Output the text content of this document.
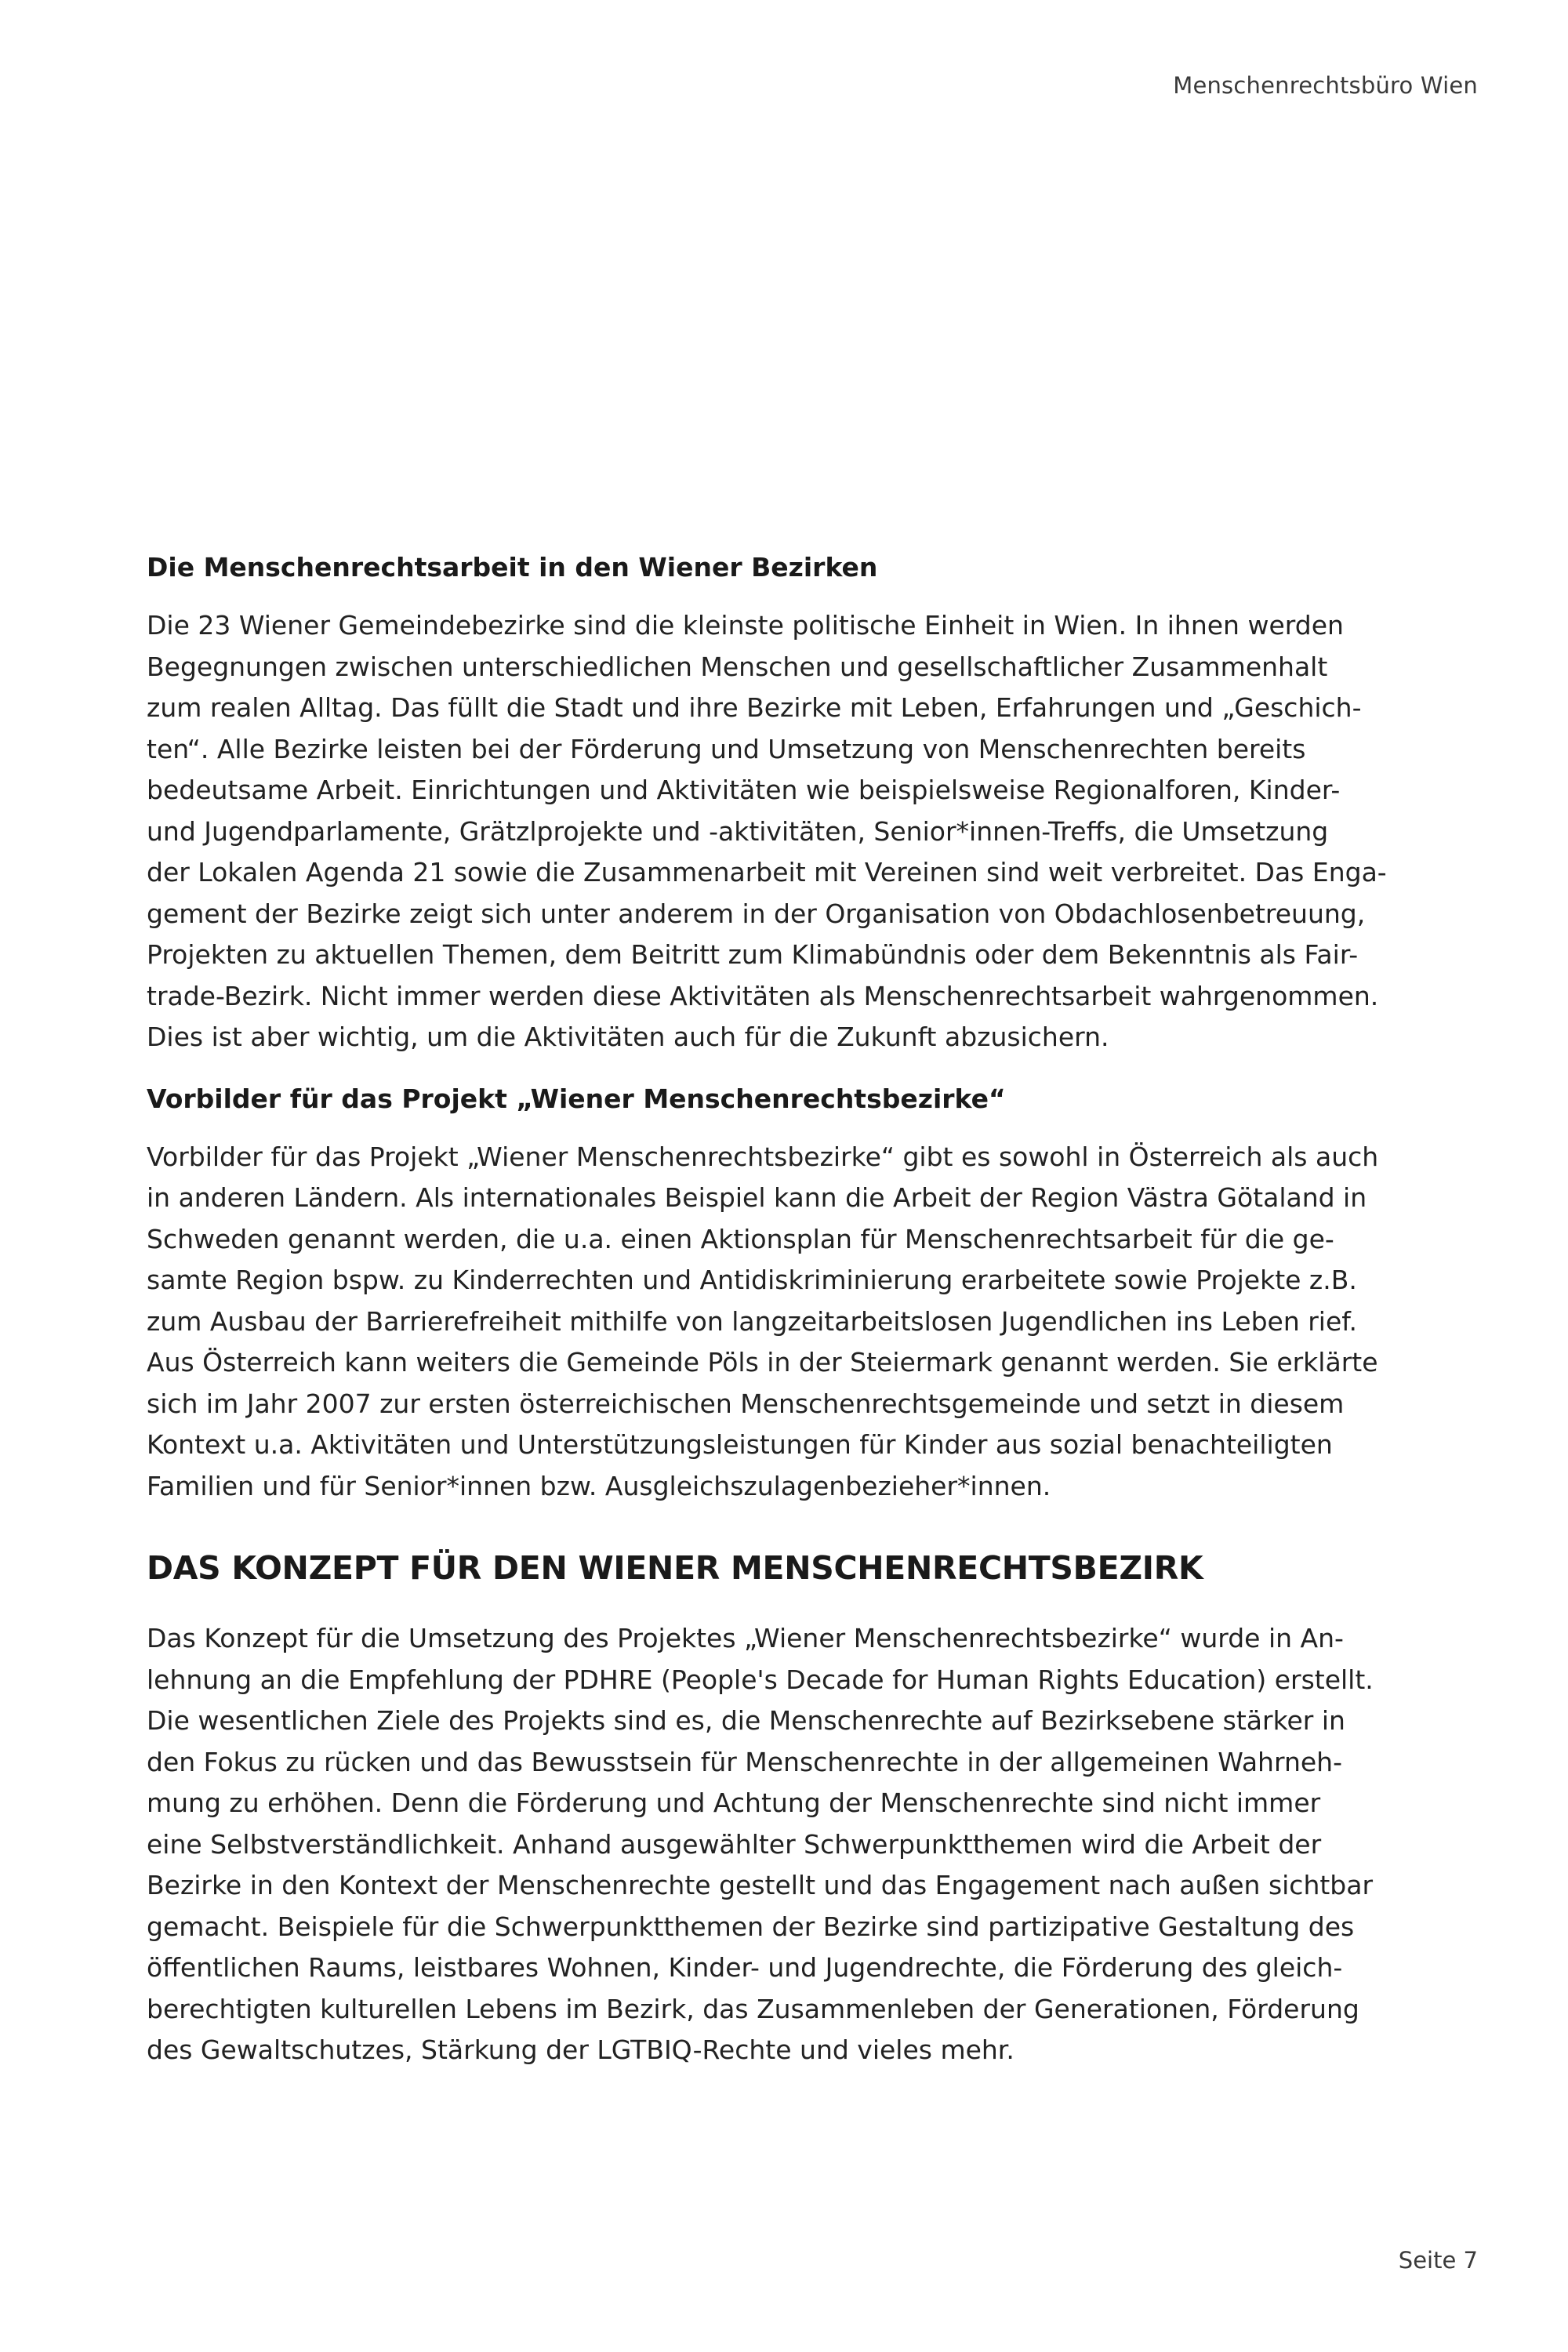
Menschenrechtsbüro Wien
Die Menschenrechtsarbeit in den Wiener Bezirken

Die 23 Wiener Gemeindebezirke sind die kleinste politische Einheit in Wien. In ihnen werden
Begegnungen zwischen unterschiedlichen Menschen und gesellschaftlicher Zusammenhalt
zum realen Alltag. Das füllt die Stadt und ihre Bezirke mit Leben, Erfahrungen und „Geschich-
ten“. Alle Bezirke leisten bei der Förderung und Umsetzung von Menschenrechten bereits
bedeutsame Arbeit. Einrichtungen und Aktivitäten wie beispielsweise Regionalforen, Kinder-
und Jugendparlamente, Grätzlprojekte und -aktivitäten, Senior*innen-Treffs, die Umsetzung
der Lokalen Agenda 21 sowie die Zusammenarbeit mit Vereinen sind weit verbreitet. Das Enga-
gement der Bezirke zeigt sich unter anderem in der Organisation von Obdachlosenbetreuung,
Projekten zu aktuellen Themen, dem Beitritt zum Klimabündnis oder dem Bekenntnis als Fair-
trade-Bezirk. Nicht immer werden diese Aktivitäten als Menschenrechtsarbeit wahrgenommen.
Dies ist aber wichtig, um die Aktivitäten auch für die Zukunft abzusichern.

Vorbilder für das Projekt „Wiener Menschenrechtsbezirke“

Vorbilder für das Projekt „Wiener Menschenrechtsbezirke“ gibt es sowohl in Österreich als auch
in anderen Ländern. Als internationales Beispiel kann die Arbeit der Region Västra Götaland in
Schweden genannt werden, die u.a. einen Aktionsplan für Menschenrechtsarbeit für die ge-
samte Region bspw. zu Kinderrechten und Antidiskriminierung erarbeitete sowie Projekte z.B.
zum Ausbau der Barrierefreiheit mithilfe von langzeitarbeitslosen Jugendlichen ins Leben rief.
Aus Österreich kann weiters die Gemeinde Pöls in der Steiermark genannt werden. Sie erklärte
sich im Jahr 2007 zur ersten österreichischen Menschenrechtsgemeinde und setzt in diesem
Kontext u.a. Aktivitäten und Unterstützungsleistungen für Kinder aus sozial benachteiligten
Familien und für Senior*innen bzw. Ausgleichszulagenbezieher*innen.

DAS KONZEPT FÜR DEN WIENER MENSCHENRECHTSBEZIRK

Das Konzept für die Umsetzung des Projektes „Wiener Menschenrechtsbezirke“ wurde in An-
lehnung an die Empfehlung der PDHRE (People's Decade for Human Rights Education) erstellt.
Die wesentlichen Ziele des Projekts sind es, die Menschenrechte auf Bezirksebene stärker in
den Fokus zu rücken und das Bewusstsein für Menschenrechte in der allgemeinen Wahrneh-
mung zu erhöhen. Denn die Förderung und Achtung der Menschenrechte sind nicht immer
eine Selbstverständlichkeit. Anhand ausgewählter Schwerpunktthemen wird die Arbeit der
Bezirke in den Kontext der Menschenrechte gestellt und das Engagement nach außen sichtbar
gemacht. Beispiele für die Schwerpunktthemen der Bezirke sind partizipative Gestaltung des
öffentlichen Raums, leistbares Wohnen, Kinder- und Jugendrechte, die Förderung des gleich-
berechtigten kulturellen Lebens im Bezirk, das Zusammenleben der Generationen, Förderung
des Gewaltschutzes, Stärkung der LGTBIQ-Rechte und vieles mehr.

Seite 7
